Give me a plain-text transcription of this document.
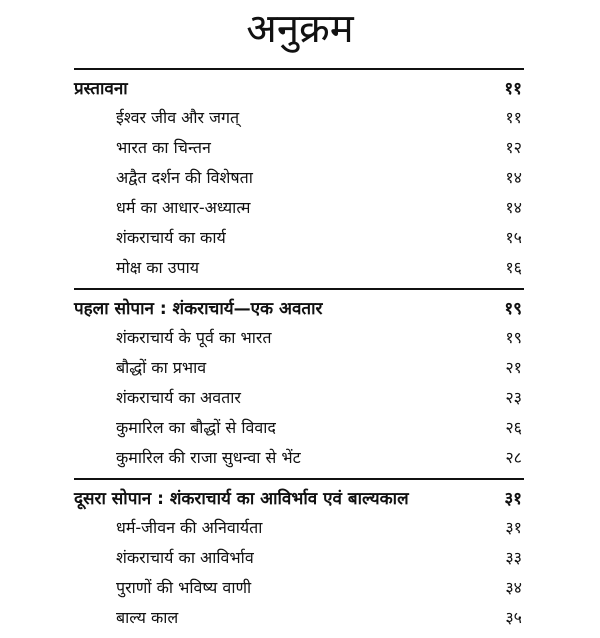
अनुक्रम
प्रस्तावना	११
ईश्वर जीव और जगत्	११
भारत का चिन्तन	१२
अद्वैत दर्शन की विशेषता	१४
धर्म का आधार-अध्यात्म	१४
शंकराचार्य का कार्य	१५
मोक्ष का उपाय	१६
पहला सोपान : शंकराचार्य—एक अवतार	१९
शंकराचार्य के पूर्व का भारत	१९
बौद्धों का प्रभाव	२१
शंकराचार्य का अवतार	२३
कुमारिल का बौद्धों से विवाद	२६
कुमारिल की राजा सुधन्वा से भेंट	२८
दूसरा सोपान : शंकराचार्य का आविर्भाव एवं बाल्यकाल	३१
धर्म-जीवन की अनिवार्यता	३१
शंकराचार्य का आविर्भाव	३३
पुराणों की भविष्य वाणी	३४
बाल्य काल	३५
